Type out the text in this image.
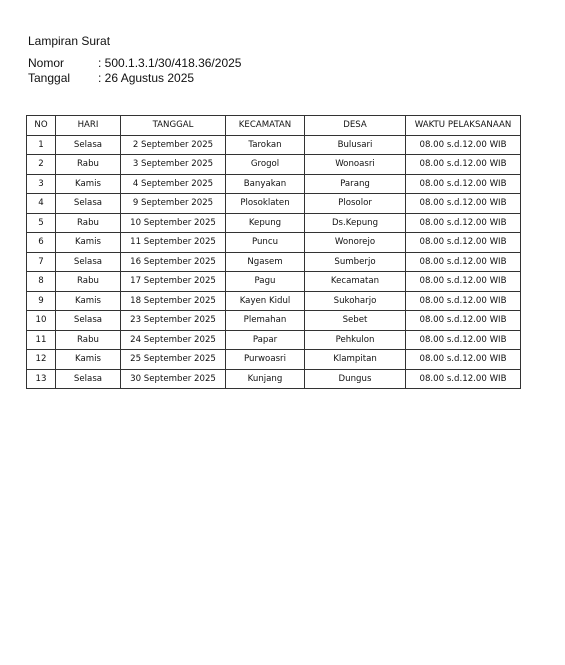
Lampiran Surat
Nomor	: 500.1.3.1/30/418.36/2025
Tanggal : 26 Agustus 2025
NO	HARI	TANGGAL	KECAMATAN	DESA	WAKTU PELAKSANAAN
1	Selasa	2 September 2025	Tarokan	Bulusari	08.00 s.d.12.00 WIB
2	Rabu	3 September 2025	Grogol	Wonoasri	08.00 s.d.12.00 WIB
3	Kamis	4 September 2025	Banyakan	Parang	08.00 s.d.12.00 WIB
4	Selasa	9 September 2025	Plosoklaten	Plosolor	08.00 s.d.12.00 WIB
5	Rabu	10 September 2025	Kepung	Ds.Kepung	08.00 s.d.12.00 WIB
6	Kamis	11 September 2025	Puncu	Wonorejo	08.00 s.d.12.00 WIB
7	Selasa	16 September 2025	Ngasem	Sumberjo	08.00 s.d.12.00 WIB
8	Rabu	17 September 2025	Pagu	Kecamatan	08.00 s.d.12.00 WIB
9	Kamis	18 September 2025	Kayen Kidul	Sukoharjo	08.00 s.d.12.00 WIB
10	Selasa	23 September 2025	Plemahan	Sebet	08.00 s.d.12.00 WIB
11	Rabu	24 September 2025	Papar	Pehkulon	08.00 s.d.12.00 WIB
12	Kamis	25 September 2025	Purwoasri	Klampitan	08.00 s.d.12.00 WIB
13	Selasa	30 September 2025	Kunjang	Dungus	08.00 s.d.12.00 WIB
